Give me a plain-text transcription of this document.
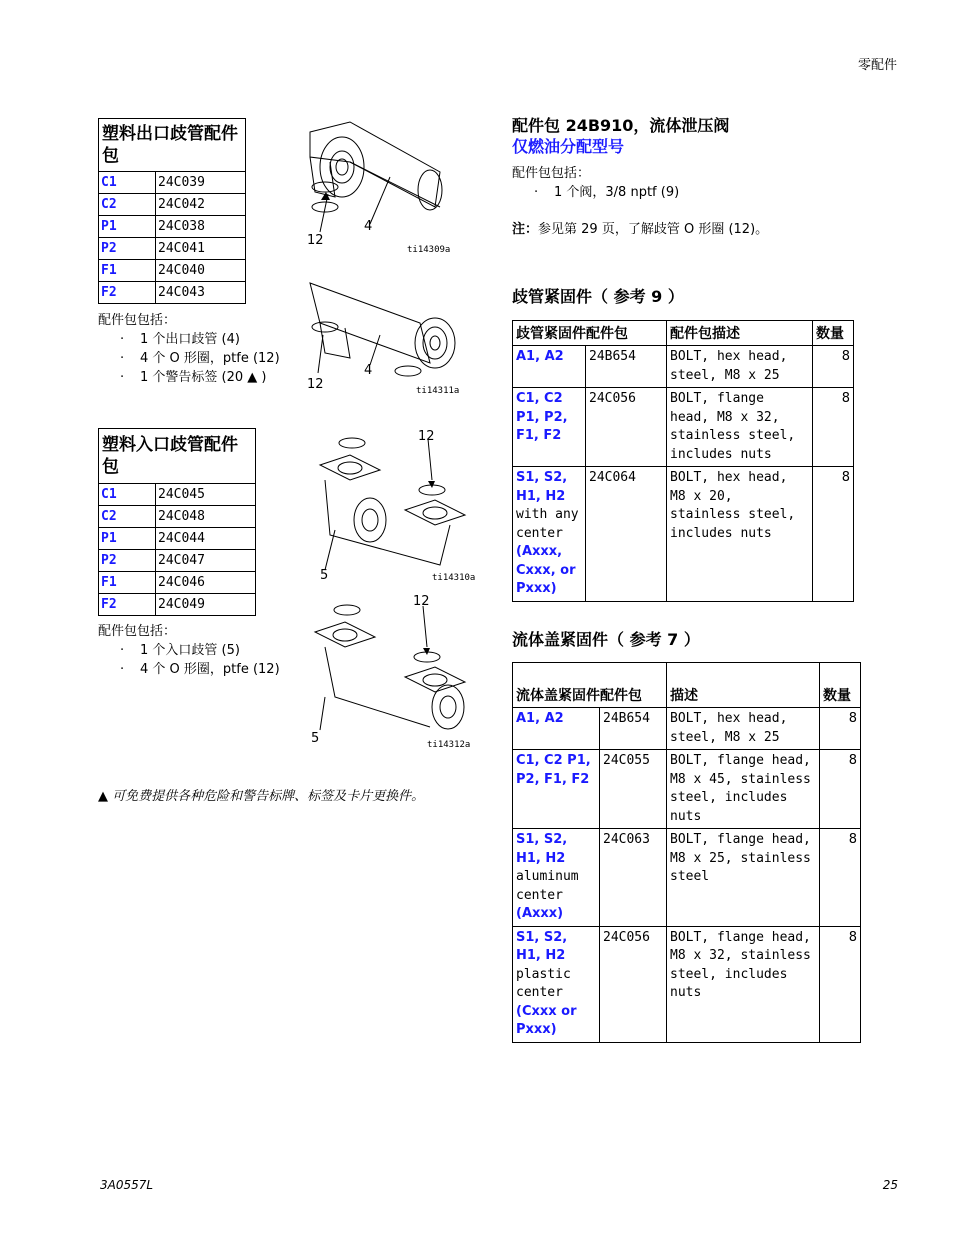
零配件
塑料出口歧管配件包	
C1	24C039
C2	24C042
P1	24C038
P2	24C041
F1	24C040
F2	24C043
配件包包括：
· 1 个出口歧管 (4)
· 4 个 O 形圈，ptfe (12)
· 1 个警告标签 (20 ▲ )
塑料入口歧管配件包	
C1	24C045
C2	24C048
P1	24C044
P2	24C047
F1	24C046
F2	24C049
配件包包括：
· 1 个入口歧管 (5)
· 4 个 O 形圈，ptfe (12)
12
4
ti14309a
12
4
ti14311a
12
5	ti14310a
12
5	ti14312a
▲ 可免费提供各种危险和警告标牌、标签及卡片更换件。
配件包 24B910，流体泄压阀
仅燃油分配型号
配件包包括：
· 1 个阀，3/8 nptf (9)
注：参见第 29 页，了解歧管 O 形圈 (12)。
歧管紧固件（ 参考 9 ）
歧管紧固件配件包		配件包描述	数量
A1, A2	24B654	BOLT, hex head, steel, M8 x 25	8
C1, C2 P1, P2, F1, F2	24C056	BOLT, flange head, M8 x 32, stainless steel, includes nuts	8
S1, S2, H1, H2
with any center
(Axxx, Cxxx, or Pxxx)	24C064	BOLT, hex head, M8 x 20, stainless steel, includes nuts	8
流体盖紧固件（ 参考 7 ）
流体盖紧固件配件包		描述	数量
A1, A2	24B654	BOLT, hex head, steel, M8 x 25	8
C1, C2 P1, P2, F1, F2	24C055	BOLT, flange head, M8 x 45, stainless steel, includes nuts	8
S1, S2, H1, H2
aluminum center
(Axxx)	24C063	BOLT, flange head, M8 x 25, stainless steel	8
S1, S2, H1, H2
plastic center
(Cxxx or Pxxx)	24C056	BOLT, flange head, M8 x 32, stainless steel, includes nuts	8
3A0557L	25
